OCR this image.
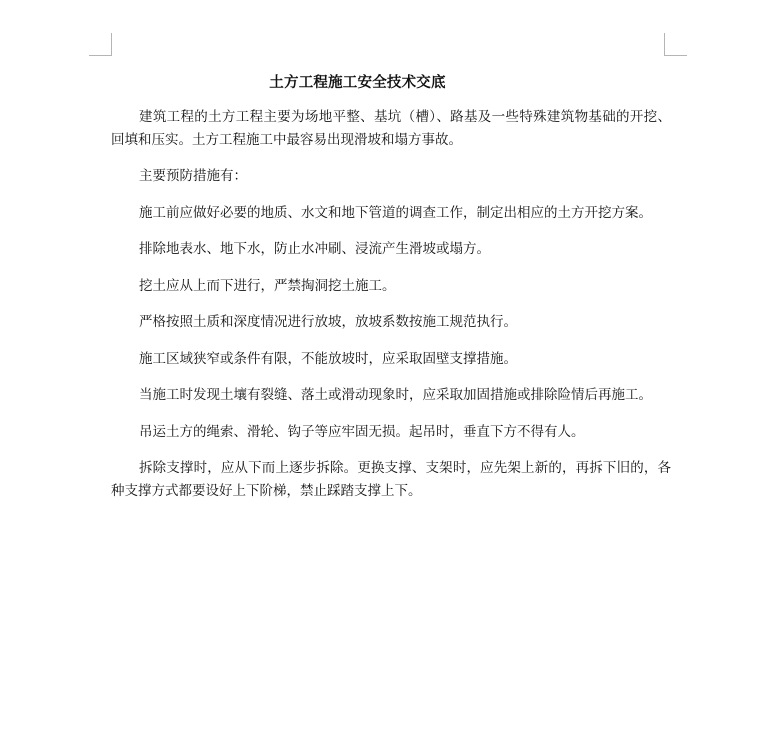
土方工程施工安全技术交底

建筑工程的土方工程主要为场地平整、基坑（槽）、路基及一些特殊建筑物基础的开挖、回填和压实。土方工程施工中最容易出现滑坡和塌方事故。

主要预防措施有：

施工前应做好必要的地质、水文和地下管道的调查工作，制定出相应的土方开挖方案。

排除地表水、地下水，防止水冲刷、浸流产生滑坡或塌方。

挖土应从上而下进行，严禁掏洞挖土施工。

严格按照土质和深度情况进行放坡，放坡系数按施工规范执行。

施工区域狭窄或条件有限，不能放坡时，应采取固壁支撑措施。

当施工时发现土壤有裂缝、落土或滑动现象时，应采取加固措施或排除险情后再施工。

吊运土方的绳索、滑轮、钩子等应牢固无损。起吊时，垂直下方不得有人。

拆除支撑时，应从下而上逐步拆除。更换支撑、支架时，应先架上新的，再拆下旧的，各种支撑方式都要设好上下阶梯，禁止踩踏支撑上下。
